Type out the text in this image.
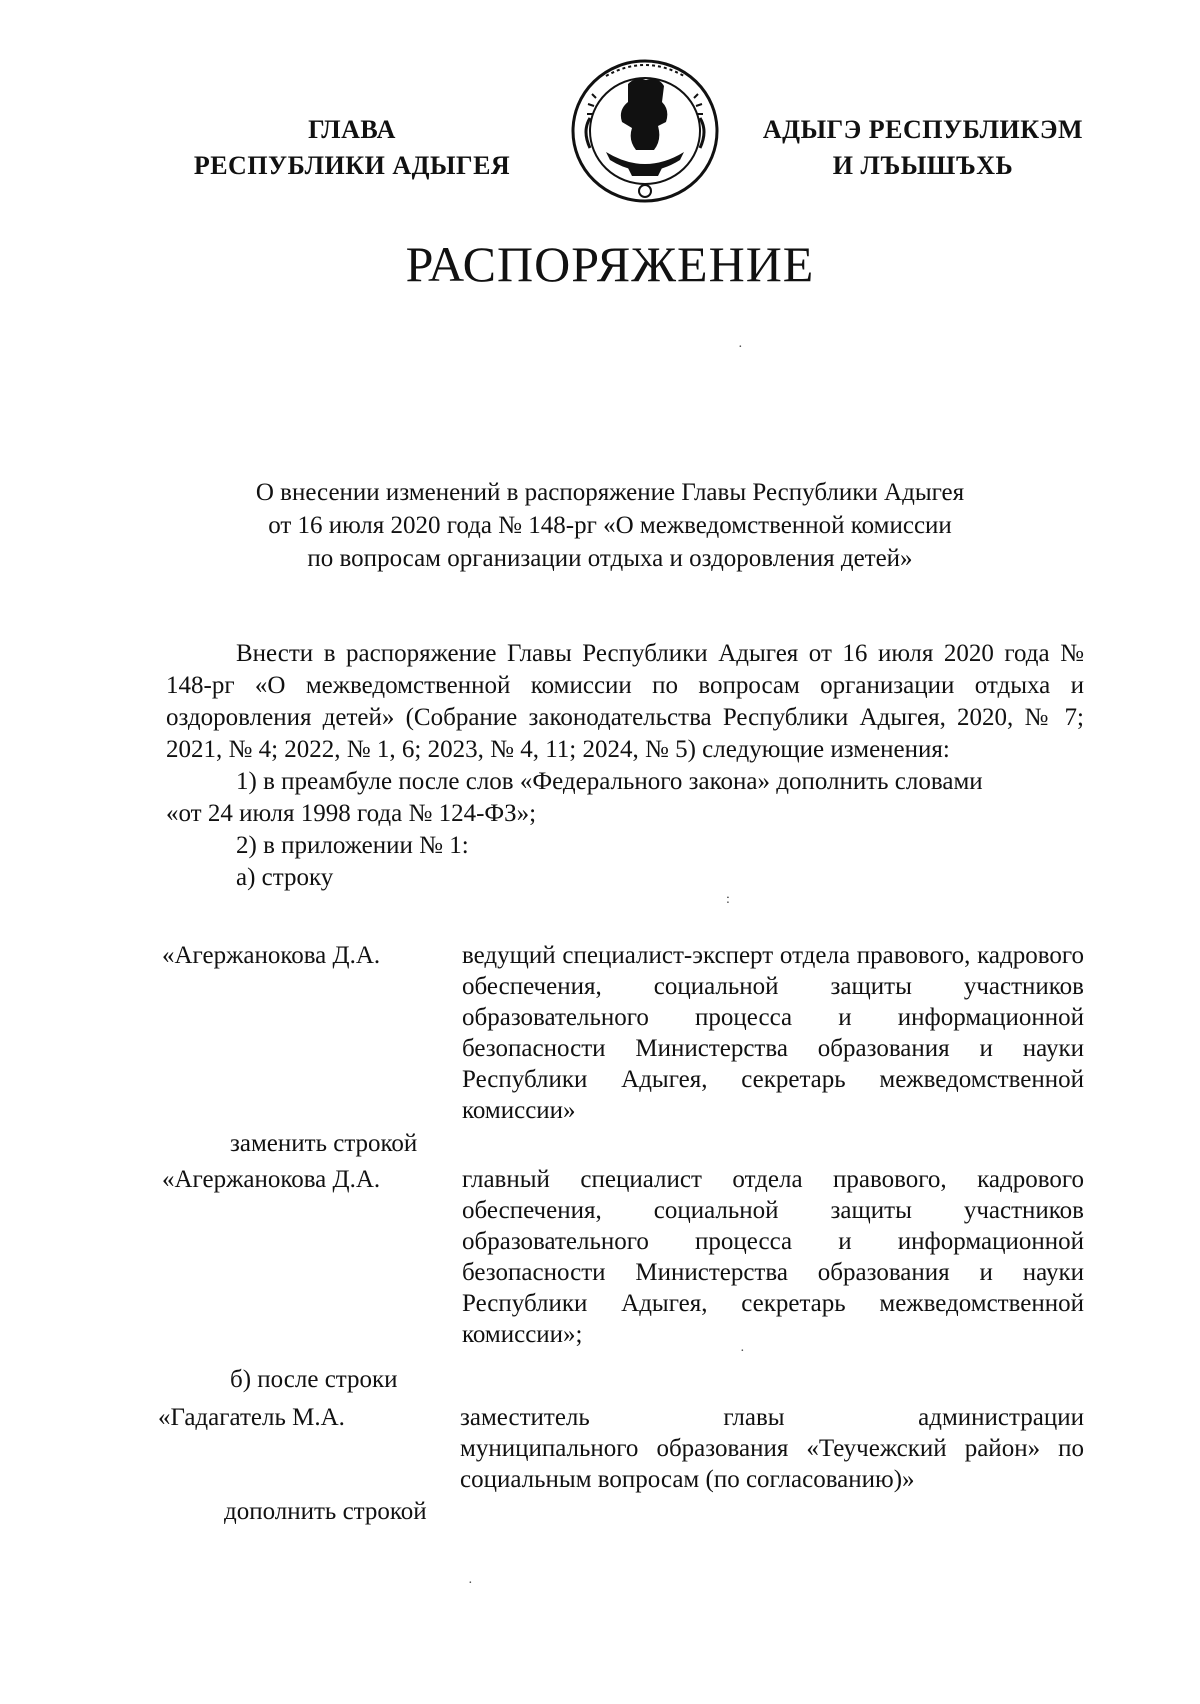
ГЛАВА
РЕСПУБЛИКИ АДЫГЕЯ
АДЫГЭ РЕСПУБЛИКЭМ
И ЛЪЫШЪХЬ
РАСПОРЯЖЕНИЕ
О внесении изменений в распоряжение Главы Республики Адыгея
от 16 июля 2020 года № 148-рг «О межведомственной комиссии
по вопросам организации отдыха и оздоровления детей»

Внести в распоряжение Главы Республики Адыгея от 16 июля 2020 года № 148-рг «О межведомственной комиссии по вопросам организации отдыха и оздоровления детей» (Собрание законодательства Республики Адыгея, 2020, № 7; 2021, № 4; 2022, № 1, 6; 2023, № 4, 11; 2024, № 5) следующие изменения:

1) в преамбуле после слов «Федерального закона» дополнить словами

«от 24 июля 1998 года № 124-ФЗ»;

2) в приложении № 1:

а) строку

«Агержанокова Д.А.	ведущий специалист-эксперт отдела правового, кадрового обеспечения, социальной защиты участников образовательного процесса и информационной безопасности Министерства образования и науки Республики Адыгея, секретарь межведомственной комиссии»
заменить строкой
«Агержанокова Д.А.	главный специалист отдела правового, кадрового обеспечения, социальной защиты участников образовательного процесса и информационной безопасности Министерства образования и науки Республики Адыгея, секретарь межведомственной комиссии»;
б) после строки
«Гадагатель М.А.	заместитель главы администрации
муниципального образования «Теучежский район» по социальным вопросам (по согласованию)»
дополнить строкой
·
:
·
·
